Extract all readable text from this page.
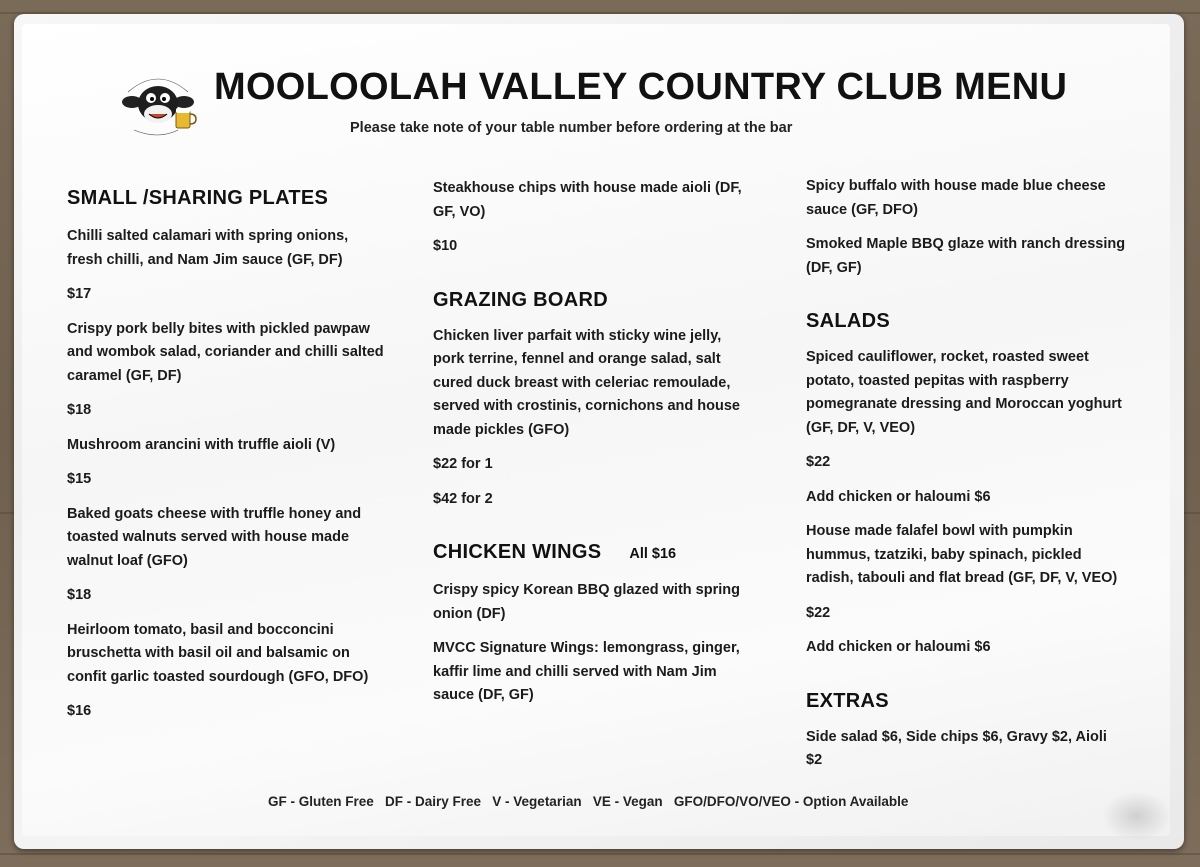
MOOLOOLAH VALLEY COUNTRY CLUB MENU
Please take note of your table number before ordering at the bar
SMALL /SHARING PLATES

Chilli salted calamari with spring onions, fresh chilli, and Nam Jim sauce (GF, DF)

$17

Crispy pork belly bites with pickled pawpaw and wombok salad, coriander and chilli salted caramel (GF, DF)

$18

Mushroom arancini with truffle aioli (V)

$15

Baked goats cheese with truffle honey and toasted walnuts served with house made walnut loaf (GFO)

$18

Heirloom tomato, basil and bocconcini bruschetta with basil oil and balsamic on confit garlic toasted sourdough (GFO, DFO)

$16

Steakhouse chips with house made aioli (DF, GF, VO)

$10

GRAZING BOARD

Chicken liver parfait with sticky wine jelly, pork terrine, fennel and orange salad, salt cured duck breast with celeriac remoulade, served with crostinis, cornichons and house made pickles (GFO)

$22 for 1

$42 for 2

CHICKEN WINGS All $16

Crispy spicy Korean BBQ glazed with spring onion (DF)

MVCC Signature Wings: lemongrass, ginger, kaffir lime and chilli served with Nam Jim sauce (DF, GF)

Spicy buffalo with house made blue cheese sauce (GF, DFO)

Smoked Maple BBQ glaze with ranch dressing (DF, GF)

SALADS

Spiced cauliflower, rocket, roasted sweet potato, toasted pepitas with raspberry pomegranate dressing and Moroccan yoghurt (GF, DF, V, VEO)

$22

Add chicken or haloumi $6

House made falafel bowl with pumpkin hummus, tzatziki, baby spinach, pickled radish, tabouli and flat bread (GF, DF, V, VEO)

$22

Add chicken or haloumi $6

EXTRAS

Side salad $6, Side chips $6, Gravy $2, Aioli $2

GF - Gluten Free   DF - Dairy Free   V - Vegetarian   VE - Vegan   GFO/DFO/VO/VEO - Option Available
